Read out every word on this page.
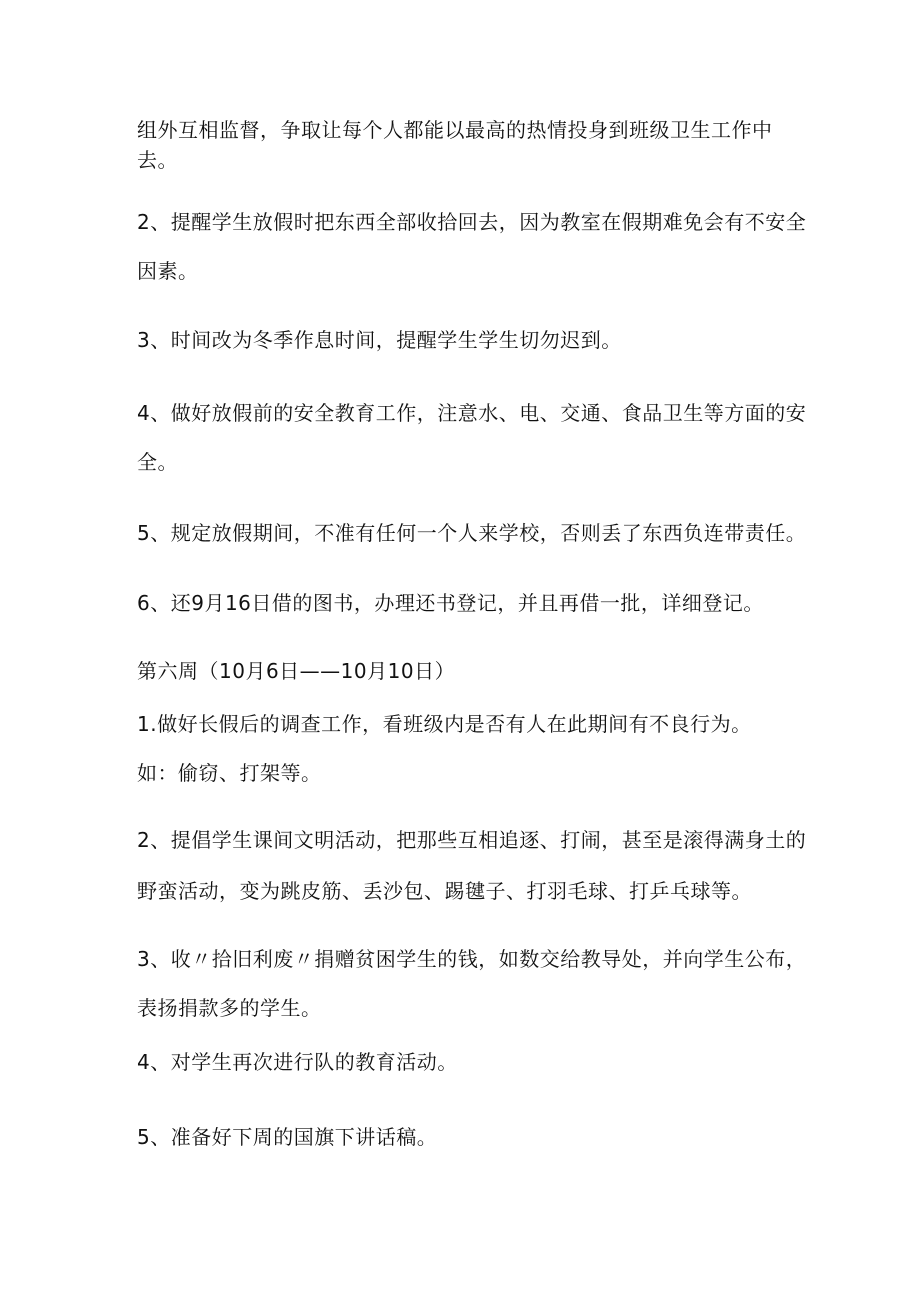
组外互相监督，争取让每个人都能以最高的热情投身到班级卫生工作中
去。
2、提醒学生放假时把东西全部收拾回去，因为教室在假期难免会有不安全
因素。
3、时间改为冬季作息时间，提醒学生学生切勿迟到。
4、做好放假前的安全教育工作，注意水、电、交通、食品卫生等方面的安
全。
5、规定放假期间，不准有任何一个人来学校，否则丢了东西负连带责任。
6、还9月16日借的图书，办理还书登记，并且再借一批，详细登记。
第六周（10月6日——10月10日）
1.做好长假后的调查工作，看班级内是否有人在此期间有不良行为。
如：偷窃、打架等。
2、提倡学生课间文明活动，把那些互相追逐、打闹，甚至是滚得满身土的
野蛮活动，变为跳皮筋、丢沙包、踢毽子、打羽毛球、打乒乓球等。
3、收〃拾旧利废〃捐赠贫困学生的钱，如数交给教导处，并向学生公布，
表扬捐款多的学生。
4、对学生再次进行队的教育活动。
5、准备好下周的国旗下讲话稿。
